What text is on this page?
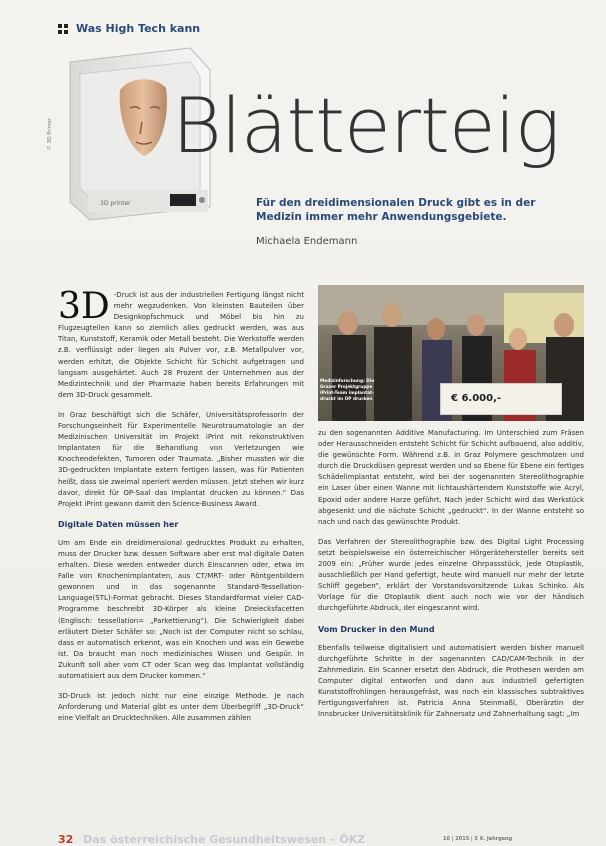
Was High Tech kann
3D printer
© 3D Printer Blätterteig
Für den dreidimensionalen Druck gibt es in der Medizin immer mehr Anwendungsgebiete.
Michaela Endemann

3D -Druck ist aus der industriellen Fertigung längst nicht mehr wegzudenken. Von kleinsten Bauteilen über Designkopfschmuck und Möbel bis hin zu Flugzeugteilen kann so ziemlich alles gedruckt werden, was aus Titan, Kunststoff, Keramik oder Metall besteht. Die Werkstoffe werden z.B. verflüssigt oder liegen als Pulver vor, z.B. Metallpulver vor, werden erhitzt, die Objekte Schicht für Schicht aufgetragen und langsam ausgehärtet. Auch 28 Prozent der Unternehmen aus der Medizintechnik und der Pharmazie haben bereits Erfahrungen mit dem 3D-Druck gesammelt.

In Graz beschäftigt sich die Schäfer, Universitätsprofessorin der Forschungseinheit für Experimentelle Neurotraumatologie an der Medizinischen Universität im Projekt iPrint mit rekonstruktiven Implantaten für die Behandlung von Verletzungen wie Knochendefekten, Tumoren oder Traumata. „Bisher mussten wir die 3D-gedruckten Implantate extern fertigen lassen, was für Patienten heißt, dass sie zweimal operiert werden müssen. Jetzt stehen wir kurz davor, direkt für OP-Saal das Implantat drucken zu können.“ Das Projekt iPrint gewann damit den Science-Business Award.

Digitale Daten müssen her

Um am Ende ein dreidimensional gedrucktes Produkt zu erhalten, muss der Drucker bzw. dessen Software aber erst mal digitale Daten erhalten. Diese werden entweder durch Einscannen oder, etwa im Falle von Knochenimplantaten, aus CT/MRT- oder Röntgenbildern gewonnen und in das sogenannte Standard-Tessellation-Language(STL)-Format gebracht. Dieses Standardformat vieler CAD-Programme beschreibt 3D-Körper als kleine Dreiecksfacetten (Englisch: tessellation= „Parkettierung“). Die Schwierigkeit dabei erläutert Dieter Schäfer so: „Noch ist der Computer nicht so schlau, dass er automatisch erkennt, was ein Knochen und was ein Gewebe ist. Da braucht man noch medizinisches Wissen und Gespür. In Zukunft soll aber vom CT oder Scan weg das Implantat vollständig automatisiert aus dem Drucker kommen.“

3D-Druck ist jedoch nicht nur eine einzige Methode. Je nach Anforderung und Material gibt es unter dem Überbegriff „3D-Druck“ eine Vielfalt an Drucktechniken. Alle zusammen zählen

€ 6.000,-
Medizinforschung: Die Grazer Projektgruppe iPrint-Team implantat-druckt im OP drucken

zu den sogenannten Additive Manufacturing. Im Unterschied zum Fräsen oder Herausschneiden entsteht Schicht für Schicht aufbauend, also additiv, die gewünschte Form. Während z.B. in Graz Polymere geschmolzen und durch die Druckdüsen gepresst werden und so Ebene für Ebene ein fertiges Schädelimplantat entsteht, wird bei der sogenannten Stereolithographie ein Laser über einen Wanne mit lichtaushärtendem Kunststoffe wie Acryl, Epoxid oder andere Harze geführt. Nach jeder Schicht wird das Werkstück abgesenkt und die nächste Schicht „gedruckt“. In der Wanne entsteht so nach und nach das gewünschte Produkt.

Das Verfahren der Stereolithographie bzw. des Digital Light Processing setzt beispielsweise ein österreichischer Hörgerätehersteller bereits seit 2009 ein: „Früher wurde jedes einzelne Ohrpassstück, jede Otoplastik, ausschließlich per Hand gefertigt, heute wird manuell nur mehr der letzte Schliff gegeben“, erklärt der Vorstandsvorsitzende Lukas Schinko. Als Vorlage für die Otoplastik dient auch noch wie vor der händisch durchgeführte Abdruck, der eingescannt wird.

Vom Drucker in den Mund

Ebenfalls teilweise digitalisiert und automatisiert werden bisher manuell durchgeführte Schritte in der sogenannten CAD/CAM-Technik in der Zahnmedizin. Ein Scanner ersetzt den Abdruck, die Prothesen werden am Computer digital entworfen und dann aus industriell gefertigten Kunststoffrohlingen herausgefräst, was noch ein klassisches subtraktives Fertigungsverfahren ist. Patricia Anna Steinmaßl, Oberärztin der Innsbrucker Universitätsklinik für Zahnersatz und Zahnerhaltung sagt: „Im

32 Das österreichische Gesundheitswesen – ÖKZ	10 | 2015 | 5 6. Jahrgang
